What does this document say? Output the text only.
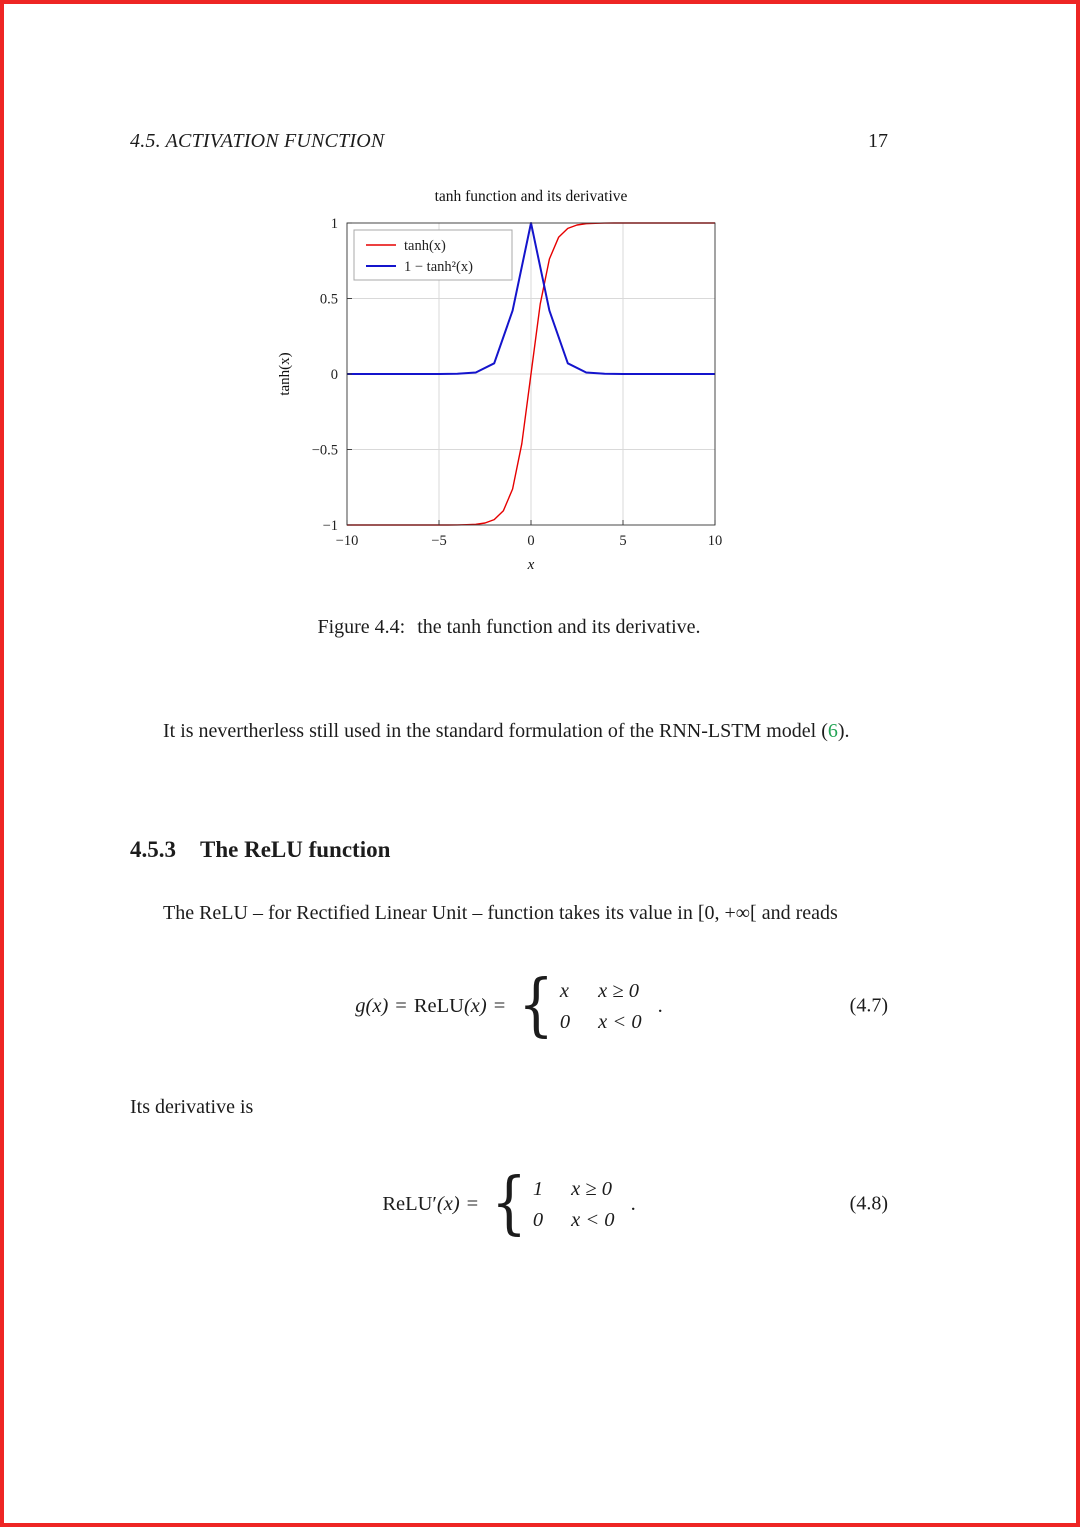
4.5. ACTIVATION FUNCTION	17
−10	−5	0	5	10
−1
−0.5
0
0.5
1
tanh function and its derivative
x
tanh(x)
tanh(x)
1 − tanh²(x)
Figure 4.4: the tanh function and its derivative.

It is nevertherless still used in the standard formulation of the RNN-LSTM model (6).

4.5.3 The ReLU function

The ReLU – for Rectified Linear Unit – function takes its value in [0, +∞[ and reads

g(x) = ReLU (x) = { x x ≥ 0
0 x < 0
.	(4.7)

Its derivative is

ReLU′ (x) = { 1 x ≥ 0
0 x < 0
.	(4.8)
